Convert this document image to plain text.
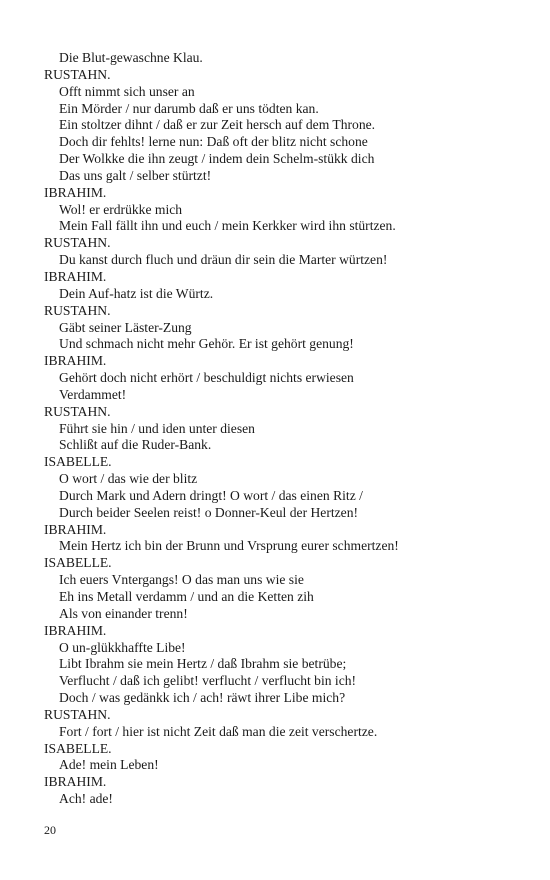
Die Blut-gewaschne Klau.
RUSTAHN.
Offt nimmt sich unser an
Ein Mörder / nur darumb daß er uns tödten kan.
Ein stoltzer dihnt / daß er zur Zeit hersch auf dem Throne.
Doch dir fehlts! lerne nun: Daß oft der blitz nicht schone
Der Wolkke die ihn zeugt / indem dein Schelm-stükk dich
Das uns galt / selber stürtzt!
IBRAHIM.
Wol! er erdrükke mich
Mein Fall fällt ihn und euch / mein Kerkker wird ihn stürtzen.
RUSTAHN.
Du kanst durch fluch und dräun dir sein die Marter würtzen!
IBRAHIM.
Dein Auf-hatz ist die Würtz.
RUSTAHN.
Gäbt seiner Läster-Zung
Und schmach nicht mehr Gehör. Er ist gehört genung!
IBRAHIM.
Gehört doch nicht erhört / beschuldigt nichts erwiesen
Verdammet!
RUSTAHN.
Führt sie hin / und iden unter diesen
Schlißt auf die Ruder-Bank.
ISABELLE.
O wort / das wie der blitz
Durch Mark und Adern dringt! O wort / das einen Ritz /
Durch beider Seelen reist! o Donner-Keul der Hertzen!
IBRAHIM.
Mein Hertz ich bin der Brunn und Vrsprung eurer schmertzen!
ISABELLE.
Ich euers Vntergangs! O das man uns wie sie
Eh ins Metall verdamm / und an die Ketten zih
Als von einander trenn!
IBRAHIM.
O un-glükkhaffte Libe!
Libt Ibrahm sie mein Hertz / daß Ibrahm sie betrübe;
Verflucht / daß ich gelibt! verflucht / verflucht bin ich!
Doch / was gedänkk ich / ach! räwt ihrer Libe mich?
RUSTAHN.
Fort / fort / hier ist nicht Zeit daß man die zeit verschertze.
ISABELLE.
Ade! mein Leben!
IBRAHIM.
Ach! ade!
20
